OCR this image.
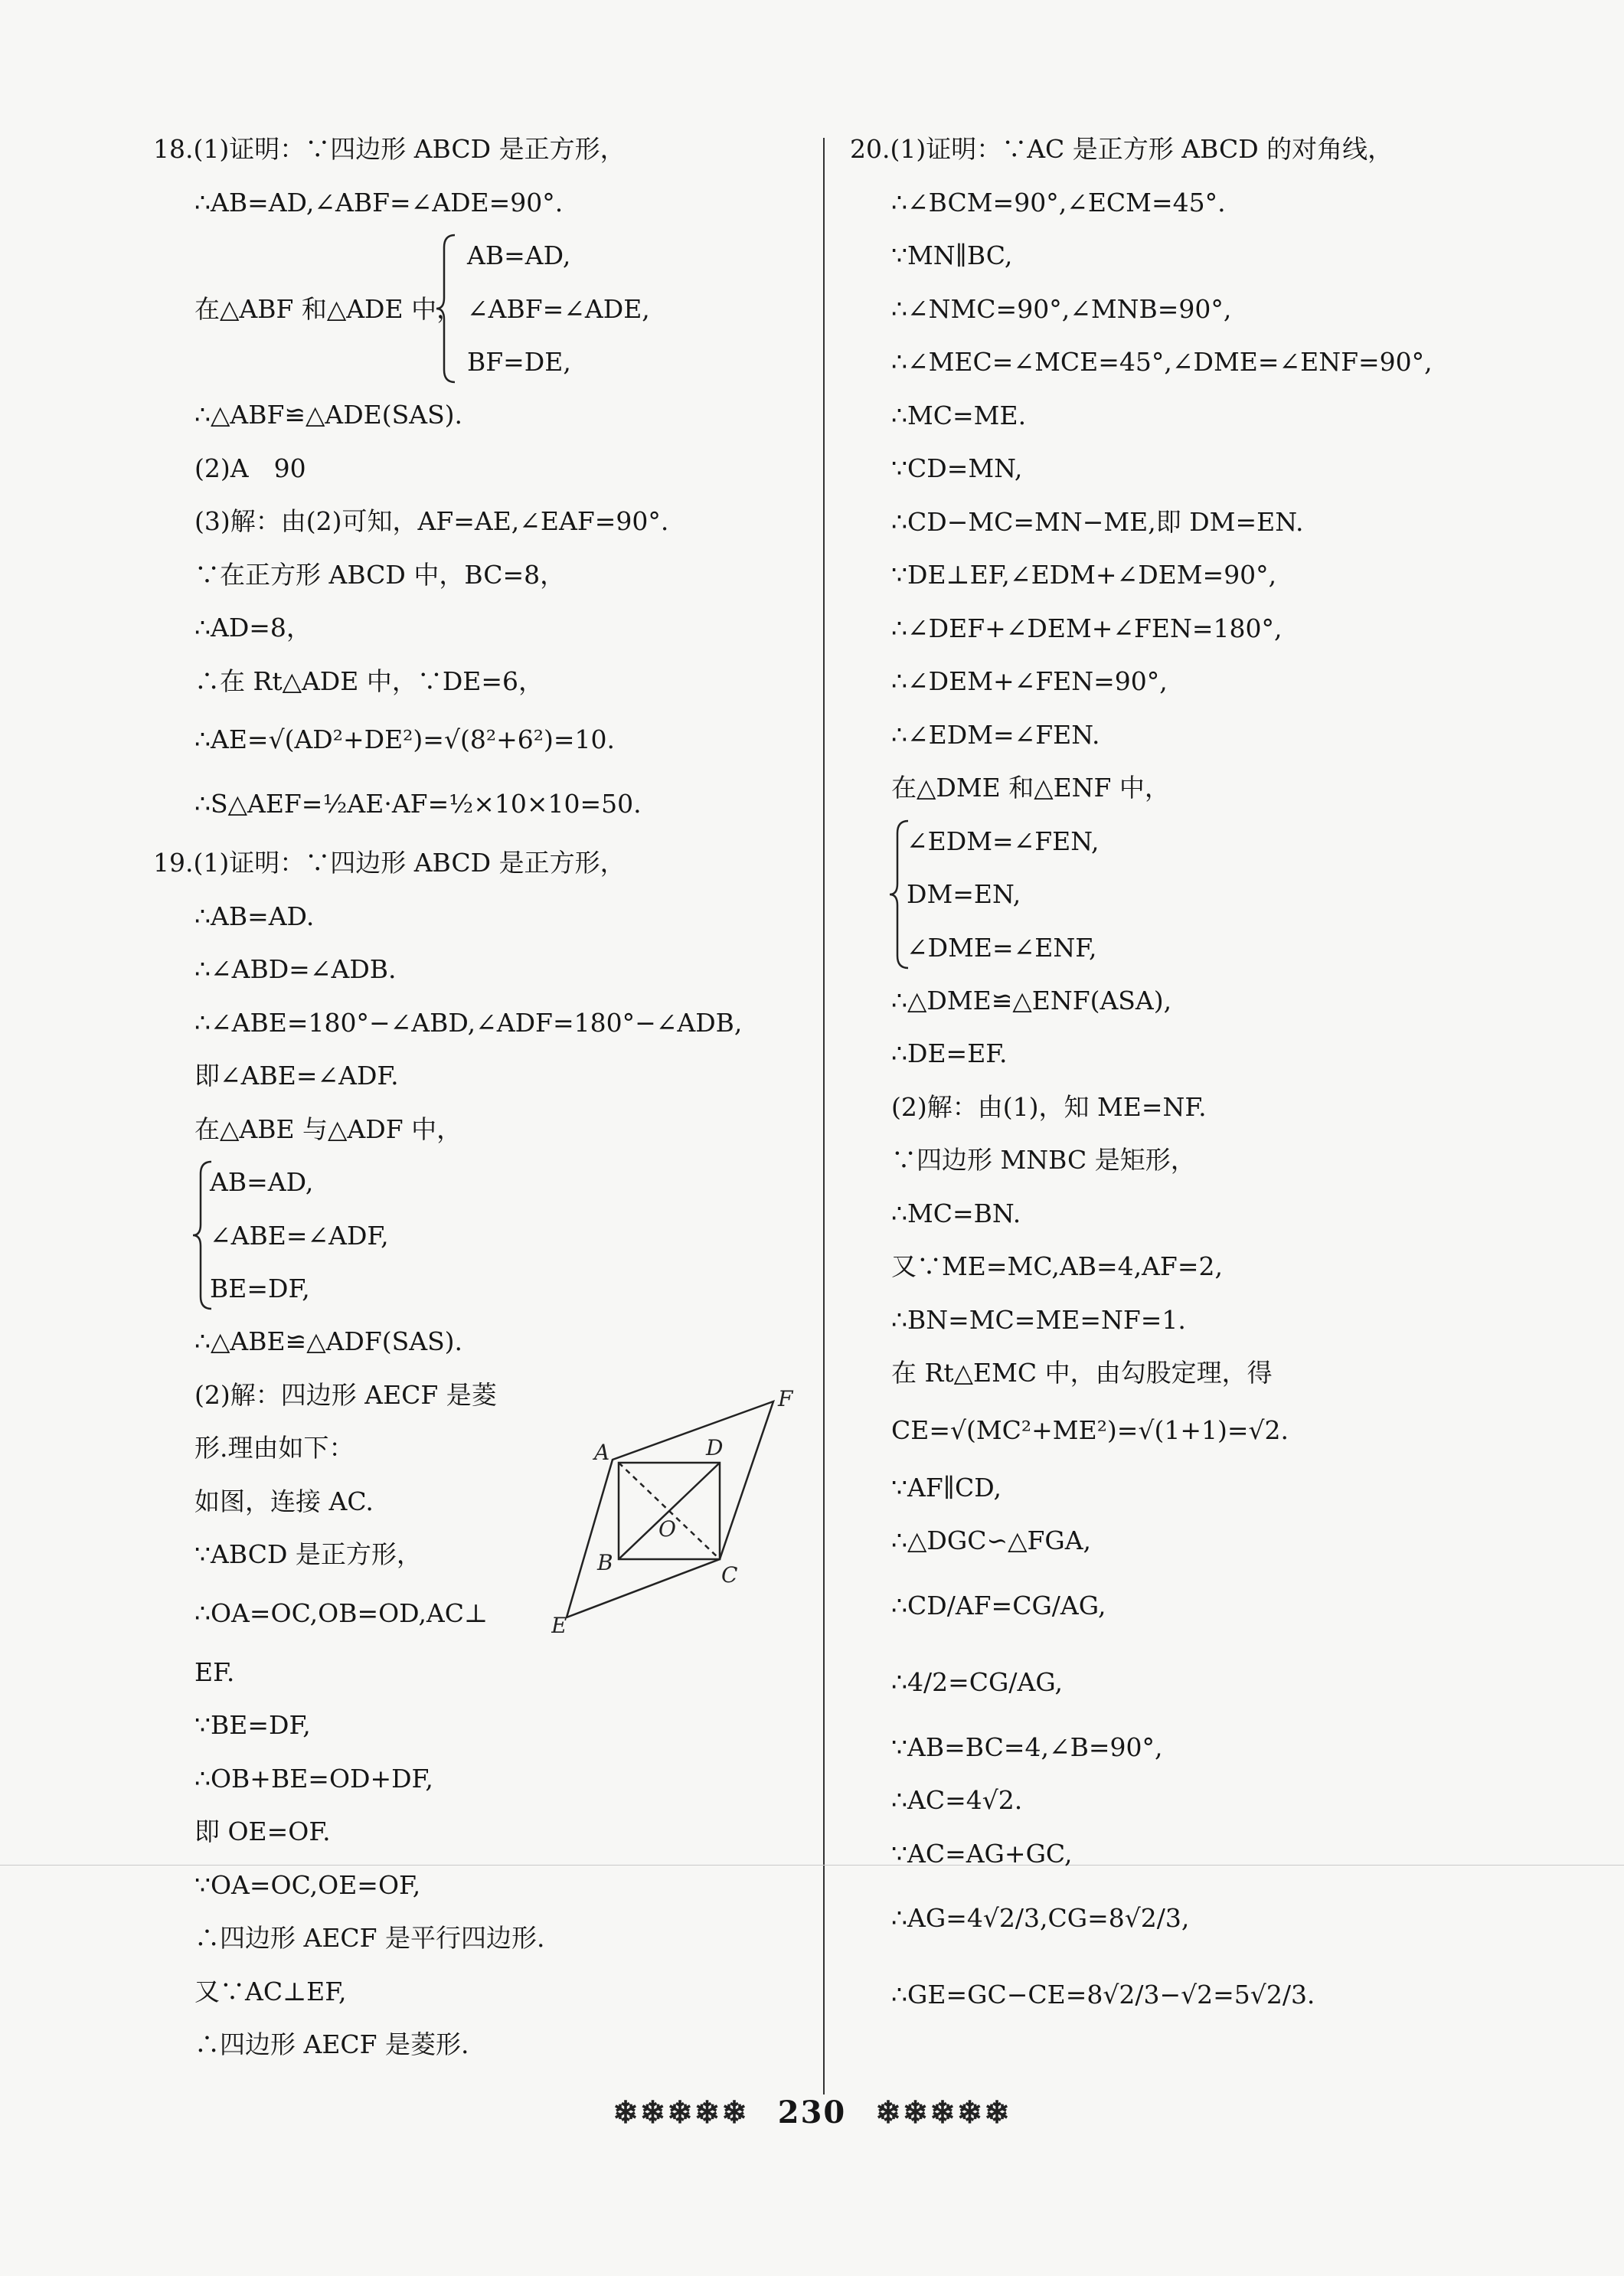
18.(1)证明：∵四边形 ABCD 是正方形，
∴AB=AD,∠ABF=∠ADE=90°.
在△ABF 和△ADE 中，
AB=AD,
∠ABF=∠ADE,
BF=DE,
∴△ABF≌△ADE(SAS).
(2)A　90
(3)解：由(2)可知，AF=AE,∠EAF=90°.
∵在正方形 ABCD 中，BC=8，
∴AD=8，
∴在 Rt△ADE 中，∵DE=6，
∴AE=√(AD²+DE²)=√(8²+6²)=10.
∴S△AEF=½AE·AF=½×10×10=50.
19.(1)证明：∵四边形 ABCD 是正方形，
∴AB=AD.
∴∠ABD=∠ADB.
∴∠ABE=180°−∠ABD,∠ADF=180°−∠ADB,
即∠ABE=∠ADF.
在△ABE 与△ADF 中，
AB=AD,
∠ABE=∠ADF,
BE=DF,
∴△ABE≌△ADF(SAS).
(2)解：四边形 AECF 是菱
形.理由如下：
如图，连接 AC.
∵ABCD 是正方形，
∴OA=OC,OB=OD,AC⊥
EF.
∵BE=DF,
∴OB+BE=OD+DF,
即 OE=OF.
∵OA=OC,OE=OF,
∴四边形 AECF 是平行四边形.
又∵AC⊥EF,
∴四边形 AECF 是菱形.
A
B	C
D
E
F
O
20.(1)证明：∵AC 是正方形 ABCD 的对角线，
∴∠BCM=90°,∠ECM=45°.
∵MN∥BC,
∴∠NMC=90°,∠MNB=90°,
∴∠MEC=∠MCE=45°,∠DME=∠ENF=90°,
∴MC=ME.
∵CD=MN,
∴CD−MC=MN−ME,即 DM=EN.
∵DE⊥EF,∠EDM+∠DEM=90°,
∴∠DEF+∠DEM+∠FEN=180°,
∴∠DEM+∠FEN=90°,
∴∠EDM=∠FEN.
在△DME 和△ENF 中，
∠EDM=∠FEN,
DM=EN,
∠DME=∠ENF,
∴△DME≌△ENF(ASA),
∴DE=EF.
(2)解：由(1)，知 ME=NF.
∵四边形 MNBC 是矩形，
∴MC=BN.
又∵ME=MC,AB=4,AF=2,
∴BN=MC=ME=NF=1.
在 Rt△EMC 中，由勾股定理，得
CE=√(MC²+ME²)=√(1+1)=√2.
∵AF∥CD,
∴△DGC∽△FGA,
∴CD/AF=CG/AG,
∴4/2=CG/AG,
∵AB=BC=4,∠B=90°,
∴AC=4√2.
∵AC=AG+GC,
∴AG=4√2/3,CG=8√2/3,
∴GE=GC−CE=8√2/3−√2=5√2/3.
❄❄❄❄❄ 230 ❄❄❄❄❄
